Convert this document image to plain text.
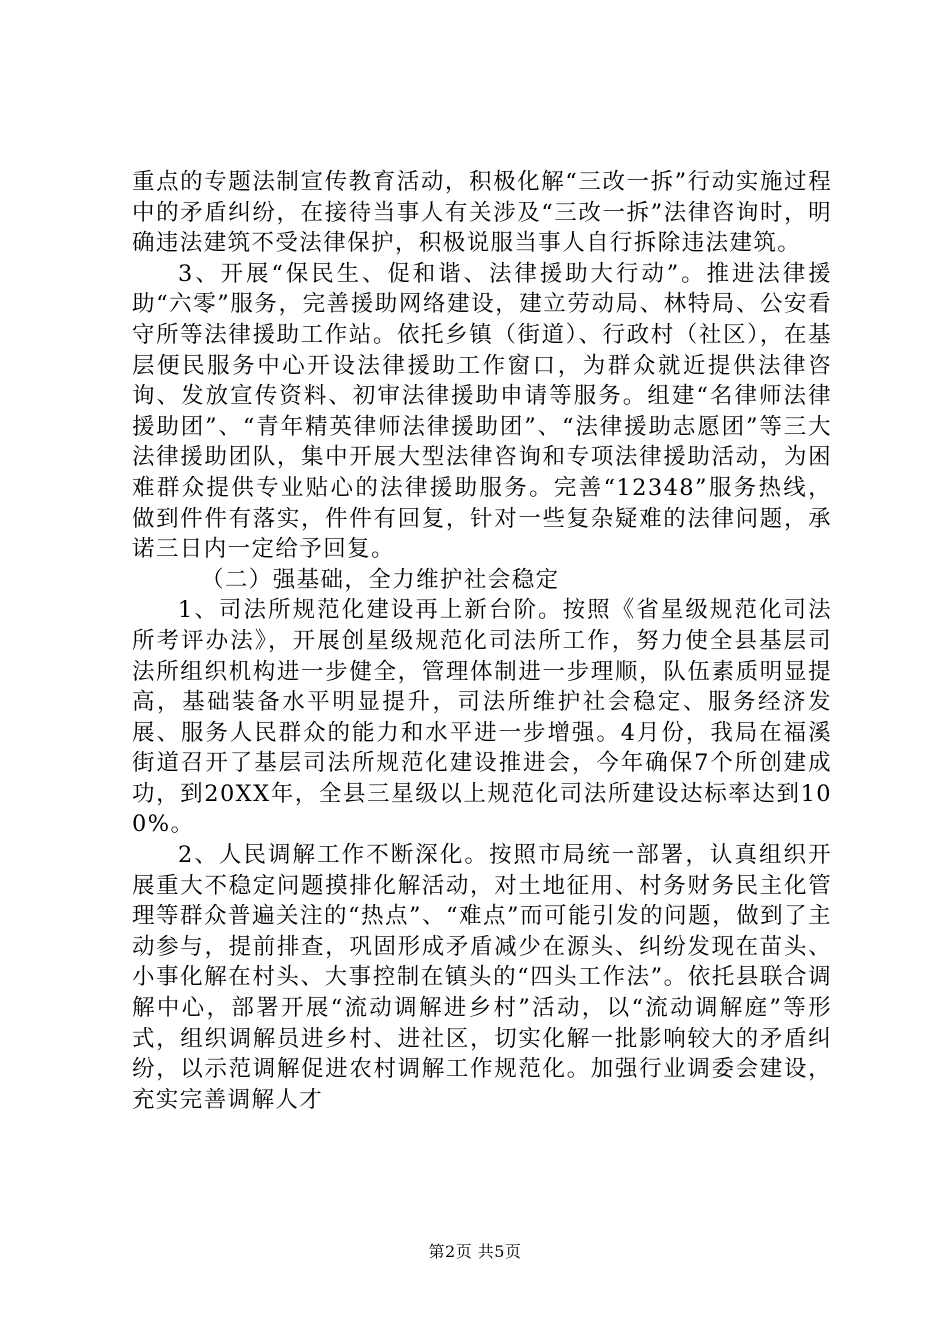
重点的专题法制宣传教育活动，积极化解“三改一拆”行动实施过程中的矛盾纠纷，在接待当事人有关涉及“三改一拆”法律咨询时，明确违法建筑不受法律保护，积极说服当事人自行拆除违法建筑。

3、开展“保民生、促和谐、法律援助大行动”。推进法律援助“六零”服务，完善援助网络建设，建立劳动局、林特局、公安看守所等法律援助工作站。依托乡镇（街道）、行政村（社区），在基层便民服务中心开设法律援助工作窗口，为群众就近提供法律咨询、发放宣传资料、初审法律援助申请等服务。组建“名律师法律援助团”、“青年精英律师法律援助团”、“法律援助志愿团”等三大法律援助团队，集中开展大型法律咨询和专项法律援助活动，为困难群众提供专业贴心的法律援助服务。完善“12348”服务热线，做到件件有落实，件件有回复，针对一些复杂疑难的法律问题，承诺三日内一定给予回复。

（二）强基础，全力维护社会稳定

1、司法所规范化建设再上新台阶。按照《省星级规范化司法所考评办法》，开展创星级规范化司法所工作，努力使全县基层司法所组织机构进一步健全，管理体制进一步理顺，队伍素质明显提高，基础装备水平明显提升，司法所维护社会稳定、服务经济发展、服务人民群众的能力和水平进一步增强。4月份，我局在福溪街道召开了基层司法所规范化建设推进会，今年确保7个所创建成功，到20XX年，全县三星级以上规范化司法所建设达标率达到100%。

2、人民调解工作不断深化。按照市局统一部署，认真组织开展重大不稳定问题摸排化解活动，对土地征用、村务财务民主化管理等群众普遍关注的“热点”、“难点”而可能引发的问题，做到了主动参与，提前排查，巩固形成矛盾减少在源头、纠纷发现在苗头、小事化解在村头、大事控制在镇头的“四头工作法”。依托县联合调解中心，部署开展“流动调解进乡村”活动，以“流动调解庭”等形式，组织调解员进乡村、进社区，切实化解一批影响较大的矛盾纠纷，以示范调解促进农村调解工作规范化。加强行业调委会建设，充实完善调解人才

第2页 共5页
